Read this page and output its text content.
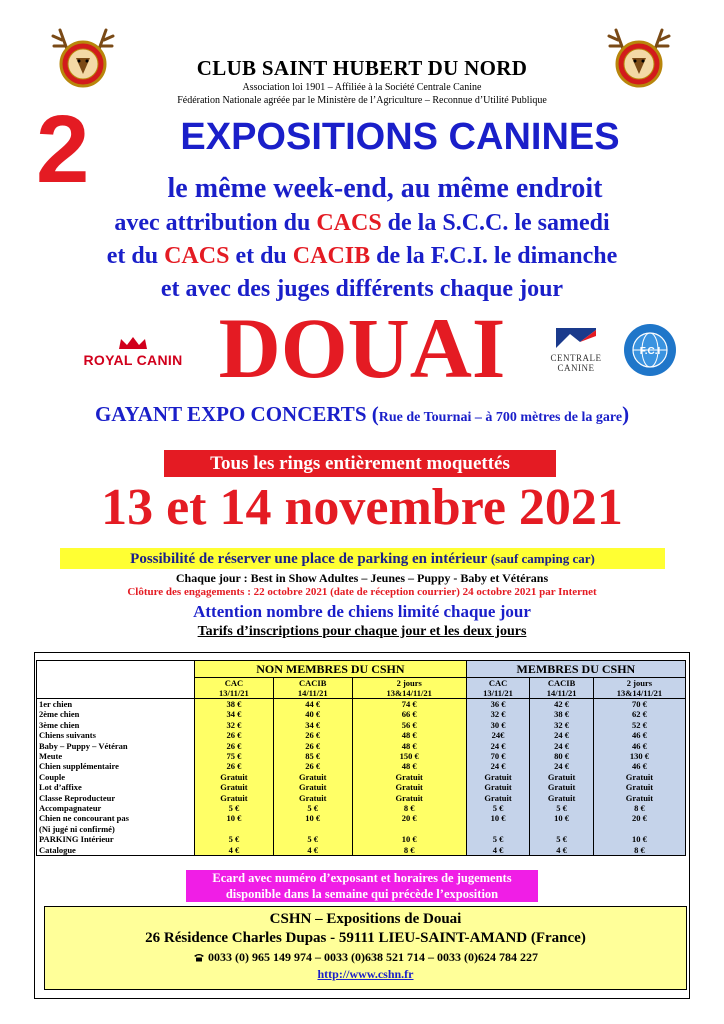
CLUB SAINT HUBERT DU NORD
Association loi 1901 – Affiliée à la Société Centrale Canine
Fédération Nationale agréée par le Ministère de l’Agriculture – Reconnue d’Utilité Publique
2	EXPOSITIONS CANINES
le même week-end, au même endroit
avec attribution du CACS de la S.C.C. le samedi
et du CACS et du CACIB de la F.C.I. le dimanche
et avec des juges différents chaque jour
ROYAL CANIN DOUAI	CENTRALE
CANINE
F.C.I
GAYANT EXPO CONCERTS (Rue de Tournai – à 700 mètres de la gare)
Tous les rings entièrement moquettés
13 et 14 novembre 2021
Possibilité de réserver une place de parking en intérieur (sauf camping car)
Chaque jour : Best in Show Adultes – Jeunes – Puppy - Baby et Vétérans
Clôture des engagements : 22 octobre 2021 (date de réception courrier) 24 octobre 2021 par Internet
Attention nombre de chiens limité chaque jour
Tarifs d’inscriptions pour chaque jour et les deux jours
	NON MEMBRES DU CSHN			MEMBRES DU CSHN		
	CAC	CACIB	2 jours	CAC	CACIB	2 jours
	13/11/21	14/11/21	13&14/11/21	13/11/21	14/11/21	13&14/11/21
1er chien	38 €	44 €	74 €	36 €	42 €	70 €
2ème chien	34 €	40 €	66 €	32 €	38 €	62 €
3ème chien	32 €	34 €	56 €	30 €	32 €	52 €
Chiens suivants	26 €	26 €	48 €	24€	24 €	46 €
Baby – Puppy – Vétéran	26 €	26 €	48 €	24 €	24 €	46 €
Meute	75 €	85 €	150 €	70 €	80 €	130 €
Chien supplémentaire	26 €	26 €	48 €	24 €	24 €	46 €
Couple	Gratuit	Gratuit	Gratuit	Gratuit	Gratuit	Gratuit
Lot d’affixe	Gratuit	Gratuit	Gratuit	Gratuit	Gratuit	Gratuit
Classe Reproducteur	Gratuit	Gratuit	Gratuit	Gratuit	Gratuit	Gratuit
Accompagnateur	5 €	5 €	8 €	5 €	5 €	8 €
Chien ne concourant pas	10 €	10 €	20 €	10 €	10 €	20 €
(Ni jugé ni confirmé)						
PARKING Intérieur	5 €	5 €	10 €	5 €	5 €	10 €
Catalogue	4 €	4 €	8 €	4 €	4 €	8 €
Ecard avec numéro d’exposant et horaires de jugements
disponible dans la semaine qui précède l’exposition
CSHN – Expositions de Douai
26 Résidence Charles Dupas - 59111 LIEU-SAINT-AMAND (France)
0033 (0) 965 149 974 – 0033 (0)638 521 714 – 0033 (0)624 784 227
http://www.cshn.fr
